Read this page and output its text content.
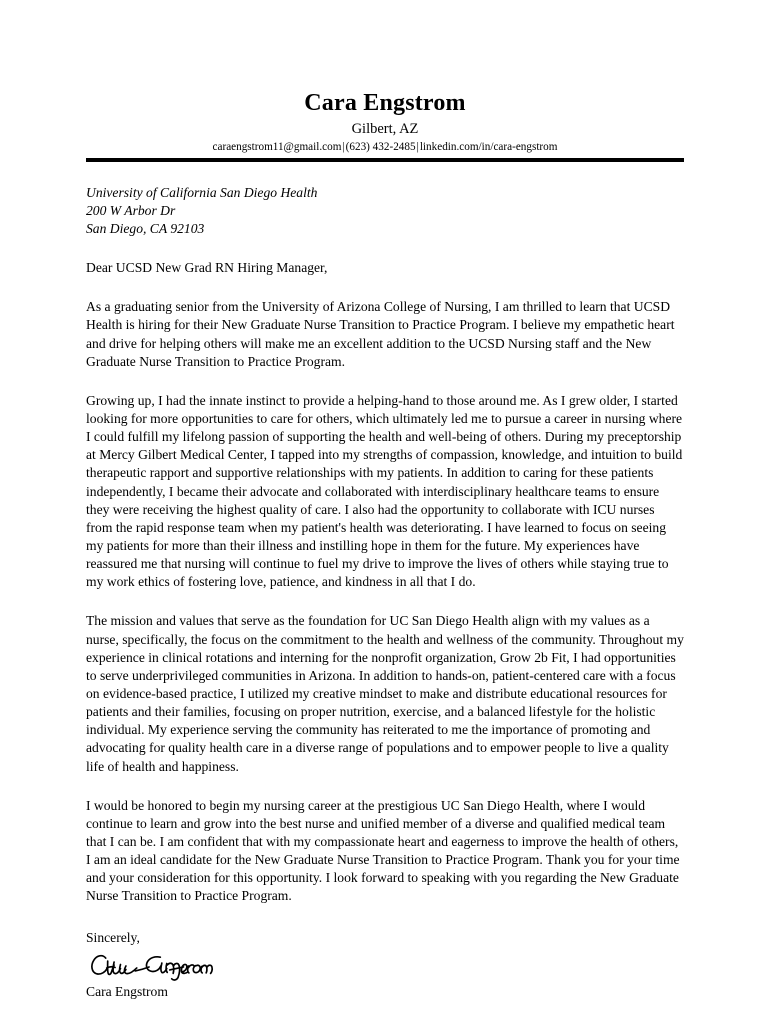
Cara Engstrom

Gilbert, AZ

caraengstrom11@gmail.com|(623) 432-2485|linkedin.com/in/cara-engstrom

University of California San Diego Health
200 W Arbor Dr
San Diego, CA 92103

Dear UCSD New Grad RN Hiring Manager,

As a graduating senior from the University of Arizona College of Nursing, I am thrilled to learn that UCSD Health is hiring for their New Graduate Nurse Transition to Practice Program. I believe my empathetic heart and drive for helping others will make me an excellent addition to the UCSD Nursing staff and the New Graduate Nurse Transition to Practice Program.

Growing up, I had the innate instinct to provide a helping-hand to those around me. As I grew older, I started looking for more opportunities to care for others, which ultimately led me to pursue a career in nursing where I could fulfill my lifelong passion of supporting the health and well-being of others. During my preceptorship at Mercy Gilbert Medical Center, I tapped into my strengths of compassion, knowledge, and intuition to build therapeutic rapport and supportive relationships with my patients. In addition to caring for these patients independently, I became their advocate and collaborated with interdisciplinary healthcare teams to ensure they were receiving the highest quality of care. I also had the opportunity to collaborate with ICU nurses from the rapid response team when my patient's health was deteriorating. I have learned to focus on seeing my patients for more than their illness and instilling hope in them for the future. My experiences have reassured me that nursing will continue to fuel my drive to improve the lives of others while staying true to my work ethics of fostering love, patience, and kindness in all that I do.

The mission and values that serve as the foundation for UC San Diego Health align with my values as a nurse, specifically, the focus on the commitment to the health and wellness of the community. Throughout my experience in clinical rotations and interning for the nonprofit organization, Grow 2b Fit, I had opportunities to serve underprivileged communities in Arizona. In addition to hands-on, patient-centered care with a focus on evidence-based practice, I utilized my creative mindset to make and distribute educational resources for patients and their families, focusing on proper nutrition, exercise, and a balanced lifestyle for the holistic individual. My experience serving the community has reiterated to me the importance of promoting and advocating for quality health care in a diverse range of populations and to empower people to live a quality life of health and happiness.

I would be honored to begin my nursing career at the prestigious UC San Diego Health, where I would continue to learn and grow into the best nurse and unified member of a diverse and qualified medical team that I can be. I am confident that with my compassionate heart and eagerness to improve the health of others, I am an ideal candidate for the New Graduate Nurse Transition to Practice Program. Thank you for your time and your consideration for this opportunity. I look forward to speaking with you regarding the New Graduate Nurse Transition to Practice Program.

Sincerely,

Cara Engstrom
